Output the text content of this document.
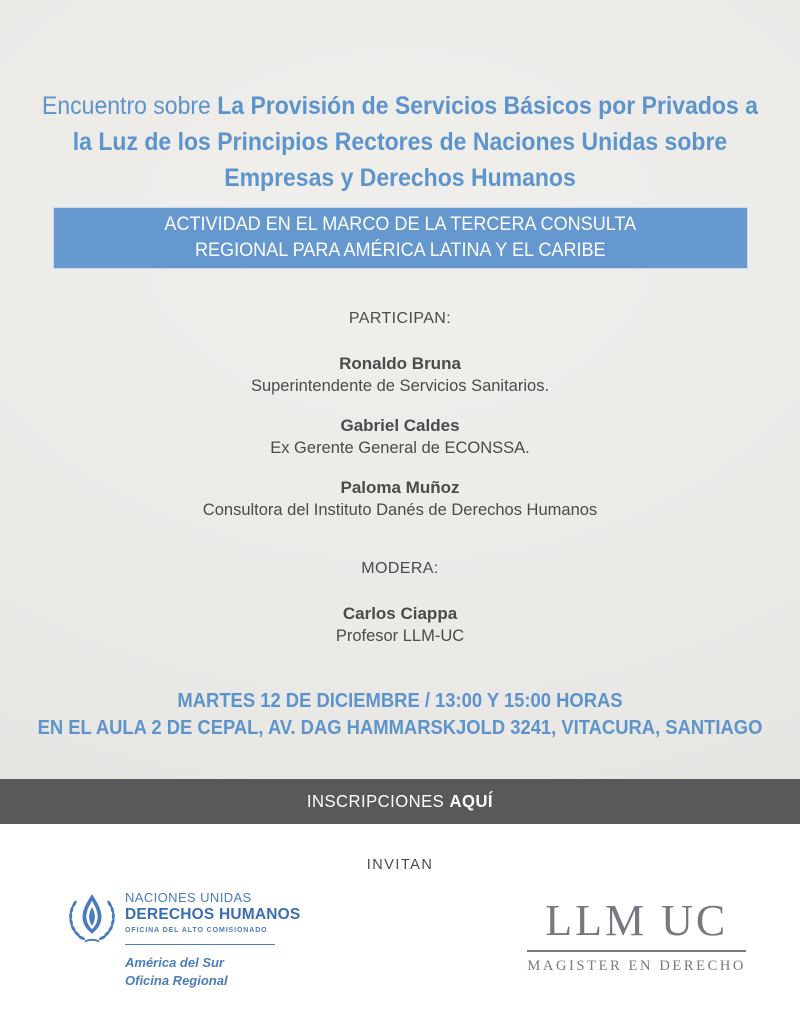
Encuentro sobre La Provisión de Servicios Básicos por Privados a la Luz de los Principios Rectores de Naciones Unidas sobre Empresas y Derechos Humanos
ACTIVIDAD EN EL MARCO DE LA TERCERA CONSULTA
REGIONAL PARA AMÉRICA LATINA Y EL CARIBE
PARTICIPAN:
Ronaldo Bruna
Superintendente de Servicios Sanitarios.
Gabriel Caldes
Ex Gerente General de ECONSSA.
Paloma Muñoz
Consultora del Instituto Danés de Derechos Humanos
MODERA:
Carlos Ciappa
Profesor LLM-UC
MARTES 12 DE DICIEMBRE / 13:00 Y 15:00 HORAS
EN EL AULA 2 DE CEPAL, AV. DAG HAMMARSKJOLD 3241, VITACURA, SANTIAGO
INSCRIPCIONES AQUÍ
INVITAN
NACIONES UNIDAS
DERECHOS HUMANOS
OFICINA DEL ALTO COMISIONADO
América del Sur
Oficina Regional
LLM UC
MAGISTER EN DERECHO
